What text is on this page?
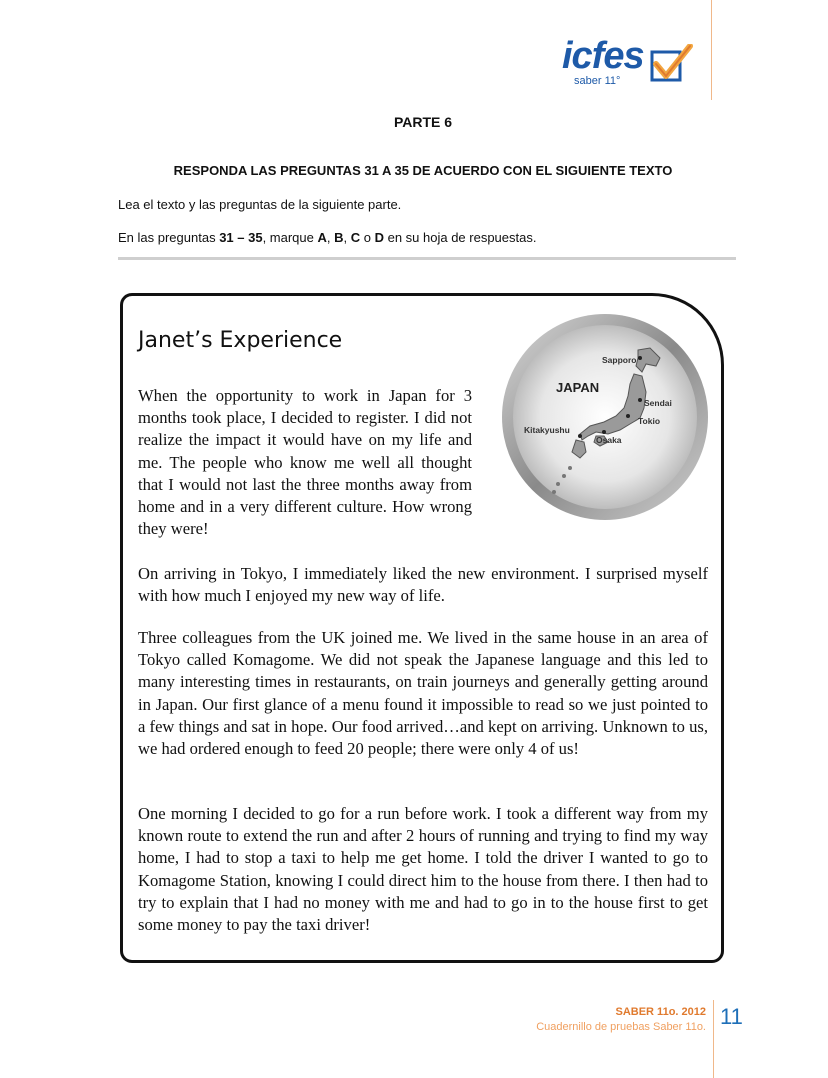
icfes
saber 11°
PARTE 6
RESPONDA LAS PREGUNTAS 31 A 35 DE ACUERDO CON EL SIGUIENTE TEXTO
Lea el texto y las preguntas de la siguiente parte.
En las preguntas 31 – 35, marque A, B, C o D en su hoja de respuestas.
Janet’s Experience
When the opportunity to work in Japan for 3 months took place, I decided to register. I did not realize the impact it would have on my life and me. The people who know me well all thought that I would not last the three months away from home and in a very different culture. How wrong they were!
JAPAN
Sapporo
Sendai
Tokio
Kitakyushu
Osaka
On arriving in Tokyo, I immediately liked the new environment. I surprised myself with how much I enjoyed my new way of life.
Three colleagues from the UK joined me. We lived in the same house in an area of Tokyo called Komagome. We did not speak the Japanese language and this led to many interesting times in restaurants, on train journeys and generally getting around in Japan. Our first glance of a menu found it impossible to read so we just pointed to a few things and sat in hope. Our food arrived…and kept on arriving. Unknown to us, we had ordered enough to feed 20 people; there were only 4 of us!
One morning I decided to go for a run before work. I took a different way from my known route to extend the run and after 2 hours of running and trying to find my way home, I had to stop a taxi to help me get home. I told the driver I wanted to go to Komagome Station, knowing I could direct him to the house from there. I then had to try to explain that I had no money with me and had to go in to the house first to get some money to pay the taxi driver!
SABER 11o. 2012
Cuadernillo de pruebas Saber 11o. 11
